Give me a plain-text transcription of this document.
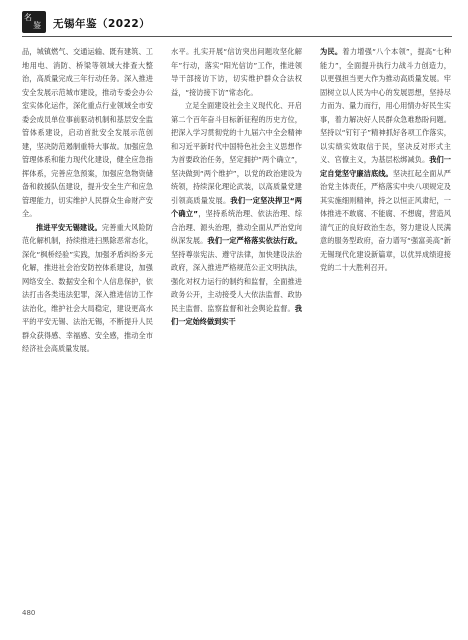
名
鉴 无锡年鉴（2022）

品，城镇燃气、交通运输、既有建筑、工地用电、消防、桥梁等领域大排查大整治，高质量完成三年行动任务。深入推进安全发展示范城市建设，推动专委会办公室实体化运作，深化重点行业领域全市安委会成员单位事前驱动机制和基层安全监管体系建设，启动首批安全发展示范创建，坚决防范遏制重特大事故。加强应急管理体系和能力现代化建设，健全应急指挥体系，完善应急预案，加强应急物资储备和救援队伍建设，提升安全生产和应急管理能力，切实维护人民群众生命财产安全。

推进平安无锡建设。完善重大风险防范化解机制，持续推进扫黑除恶常态化，深化“枫桥经验”实践，加强矛盾纠纷多元化解，推进社会治安防控体系建设，加强网络安全、数据安全和个人信息保护，依法打击各类违法犯罪，深入推进信访工作法治化，维护社会大局稳定，建设更高水平的平安无锡、法治无锡，不断提升人民群众获得感、幸福感、安全感，推动全市经济社会高质量发展。

水平。扎实开展“信访突出问题攻坚化解年”行动，落实“阳光信访”工作，推进领导干部接访下访，切实维护群众合法权益，“接访接下访”常态化。

立足全面建设社会主义现代化、开启第二个百年奋斗目标新征程的历史方位，把深入学习贯彻党的十九届六中全会精神和习近平新时代中国特色社会主义思想作为首要政治任务，坚定拥护“两个确立”，坚决做到“两个维护”，以党的政治建设为统领，持续深化理论武装，以高质量党建引领高质量发展。我们一定坚决捍卫“两个确立”，坚持系统治理、依法治理、综合治理、源头治理，推动全面从严治党向纵深发展。我们一定严格落实依法行政。坚持尊崇宪法、遵守法律，加快建设法治政府，深入推进严格规范公正文明执法，强化对权力运行的制约和监督，全面推进政务公开，主动接受人大依法监督、政协民主监督、监察监督和社会舆论监督。我们一定始终做到实干

为民。着力增强“八个本领”，提高“七种能力”，全面提升执行力战斗力创造力，以更强担当更大作为推动高质量发展。牢固树立以人民为中心的发展思想，坚持尽力而为、量力而行，用心用情办好民生实事，着力解决好人民群众急难愁盼问题。坚持以“钉钉子”精神抓好各项工作落实，以实绩实效取信于民，坚决反对形式主义、官僚主义，为基层松绑减负。我们一定自觉坚守廉洁底线。坚决扛起全面从严治党主体责任，严格落实中央八项规定及其实施细则精神，持之以恒正风肃纪，一体推进不敢腐、不能腐、不想腐，营造风清气正的良好政治生态，努力建设人民满意的服务型政府，奋力谱写“强富美高”新无锡现代化建设新篇章，以优异成绩迎接党的二十大胜利召开。

480
